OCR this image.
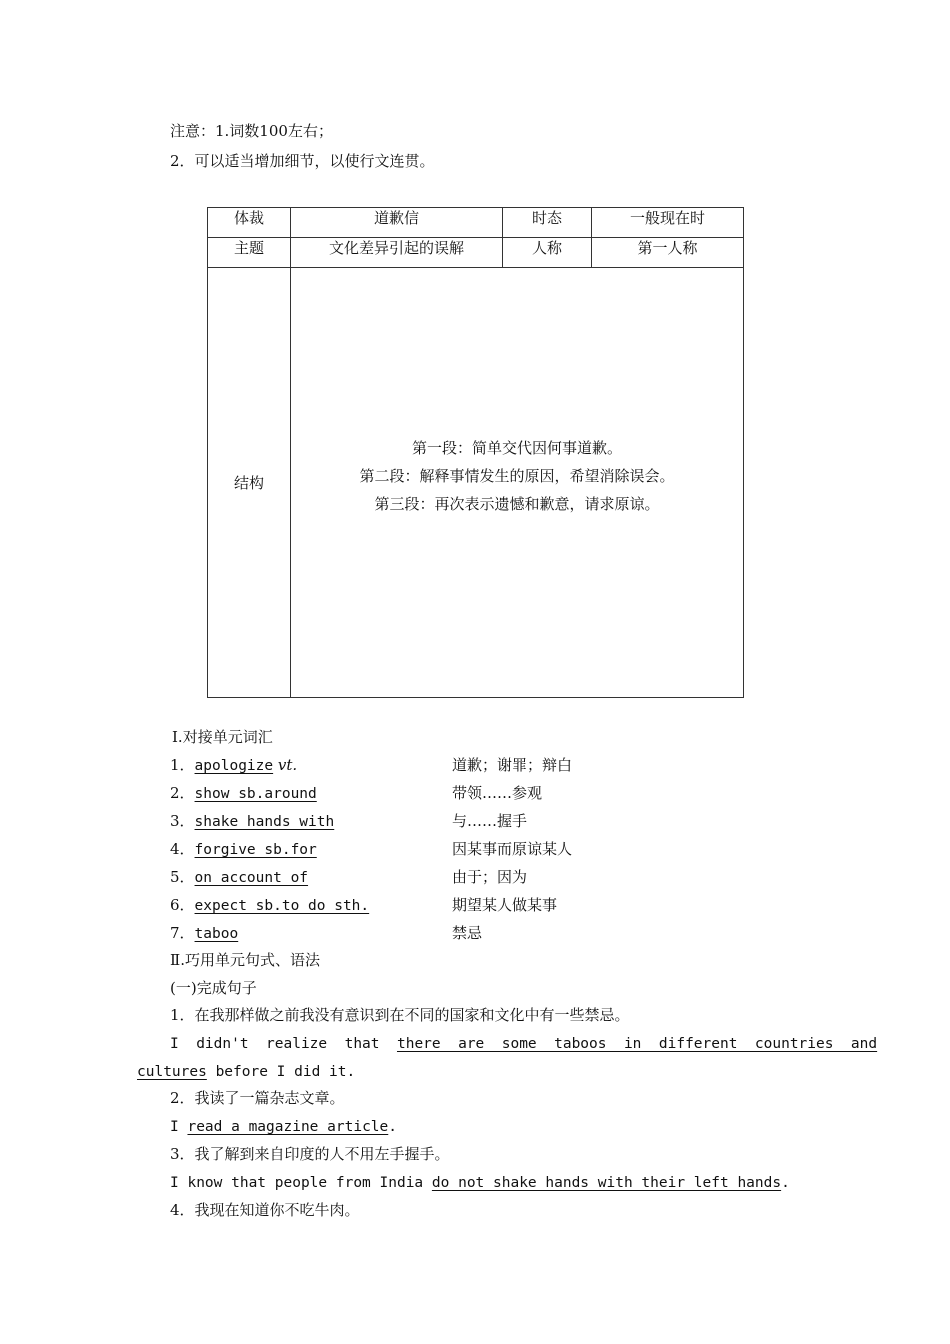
注意：1.词数100左右；
2．可以适当增加细节，以使行文连贯。
体裁	道歉信	时态	一般现在时
主题	文化差异引起的误解	人称	第一人称
结构	第一段：简单交代因何事道歉。

第二段：解释事情发生的原因，希望消除误会。

第三段：再次表示遗憾和歉意，请求原谅。		

Ⅰ.对接单元词汇
1．apologize vt.	道歉；谢罪；辩白
2．show sb.around	带领……参观
3．shake hands with	与……握手
4．forgive sb.for	因某事而原谅某人
5．on account of	由于；因为
6．expect sb.to do sth.	期望某人做某事
7．taboo	禁忌
Ⅱ.巧用单元句式、语法
(一)完成句子
1．在我那样做之前我没有意识到在不同的国家和文化中有一些禁忌。
I  didn't  realize  that there  are  some  taboos  in  different  countries  and
cultures before I did it.
2．我读了一篇杂志文章。
I read a magazine article.
3．我了解到来自印度的人不用左手握手。
I know that people from India do not shake hands with their left hands.
4．我现在知道你不吃牛肉。
